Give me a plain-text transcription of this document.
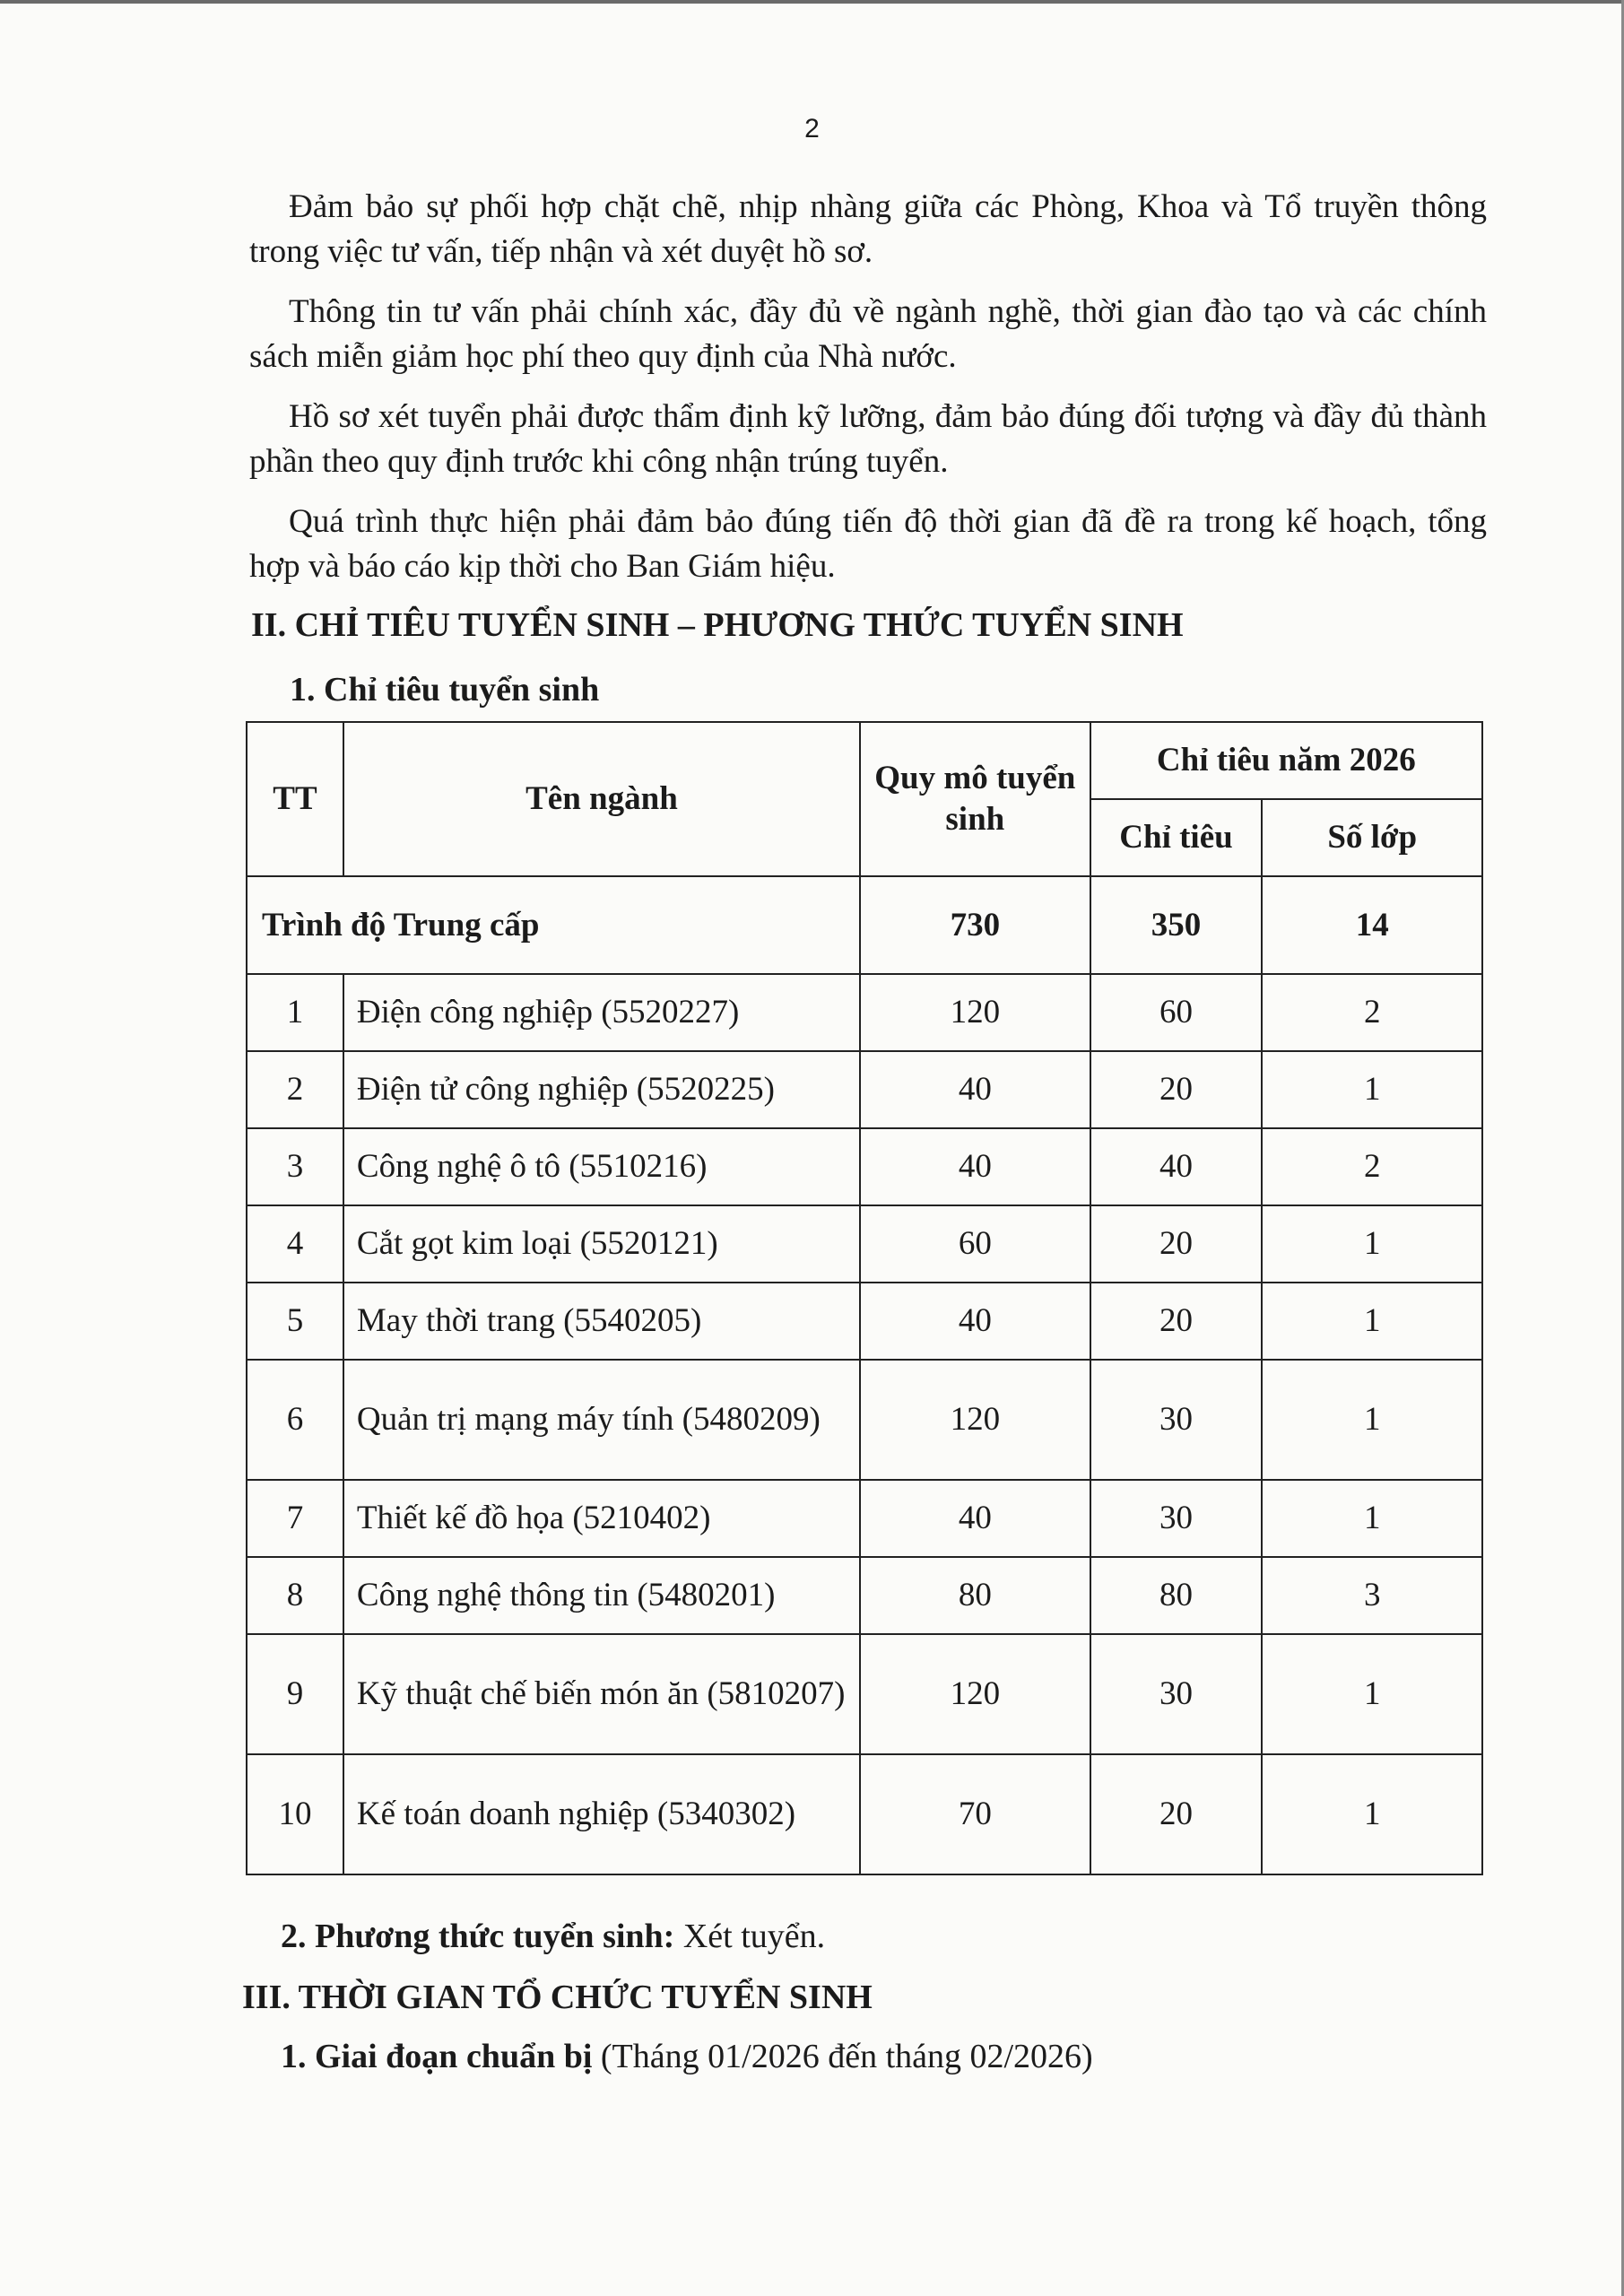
2

Đảm bảo sự phối hợp chặt chẽ, nhịp nhàng giữa các Phòng, Khoa và Tổ truyền thông trong việc tư vấn, tiếp nhận và xét duyệt hồ sơ.

Thông tin tư vấn phải chính xác, đầy đủ về ngành nghề, thời gian đào tạo và các chính sách miễn giảm học phí theo quy định của Nhà nước.

Hồ sơ xét tuyển phải được thẩm định kỹ lưỡng, đảm bảo đúng đối tượng và đầy đủ thành phần theo quy định trước khi công nhận trúng tuyển.

Quá trình thực hiện phải đảm bảo đúng tiến độ thời gian đã đề ra trong kế hoạch, tổng hợp và báo cáo kịp thời cho Ban Giám hiệu.

II. CHỈ TIÊU TUYỂN SINH – PHƯƠNG THỨC TUYỂN SINH
1. Chỉ tiêu tuyển sinh
TT	Tên ngành	Quy mô tuyển sinh	Chỉ tiêu năm 2026	
			Chỉ tiêu	Số lớp
Trình độ Trung cấp		730	350	14
1	Điện công nghiệp (5520227)	120	60	2
2	Điện tử công nghiệp (5520225)	40	20	1
3	Công nghệ ô tô (5510216)	40	40	2
4	Cắt gọt kim loại (5520121)	60	20	1
5	May thời trang (5540205)	40	20	1
6	Quản trị mạng máy tính (5480209)	120	30	1
7	Thiết kế đồ họa (5210402)	40	30	1
8	Công nghệ thông tin (5480201)	80	80	3
9	Kỹ thuật chế biến món ăn (5810207)	120	30	1
10	Kế toán doanh nghiệp (5340302)	70	20	1
2. Phương thức tuyển sinh: Xét tuyển.
III. THỜI GIAN TỔ CHỨC TUYỂN SINH
1. Giai đoạn chuẩn bị (Tháng 01/2026 đến tháng 02/2026)
